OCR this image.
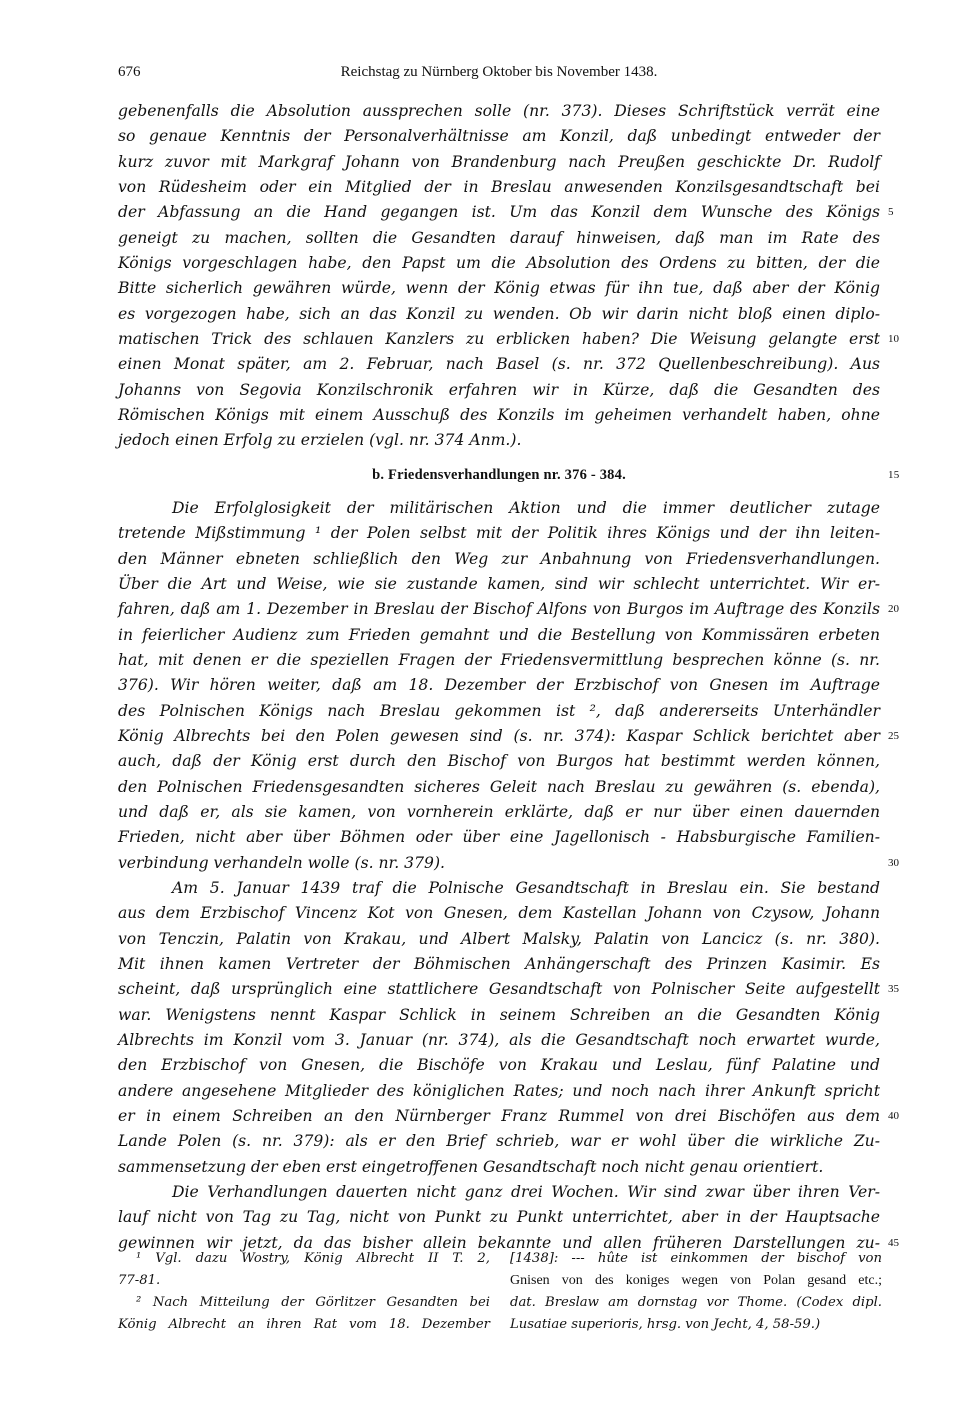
676	Reichstag zu Nürnberg Oktober bis November 1438.
gebenenfalls die Absolution aussprechen solle (nr. 373). Dieses Schriftstück verrät eine
so genaue Kenntnis der Personalverhältnisse am Konzil, daß unbedingt entweder der
kurz zuvor mit Markgraf Johann von Brandenburg nach Preußen geschickte Dr. Rudolf
von Rüdesheim oder ein Mitglied der in Breslau anwesenden Konzilsgesandtschaft bei
der Abfassung an die Hand gegangen ist. Um das Konzil dem Wunsche des Königs 5
geneigt zu machen, sollten die Gesandten darauf hinweisen, daß man im Rate des
Königs vorgeschlagen habe, den Papst um die Absolution des Ordens zu bitten, der die
Bitte sicherlich gewähren würde, wenn der König etwas für ihn tue, daß aber der König
es vorgezogen habe, sich an das Konzil zu wenden. Ob wir darin nicht bloß einen diplo-
matischen Trick des schlauen Kanzlers zu erblicken haben? Die Weisung gelangte erst 10
einen Monat später, am 2. Februar, nach Basel (s. nr. 372 Quellenbeschreibung). Aus
Johanns von Segovia Konzilschronik erfahren wir in Kürze, daß die Gesandten des
Römischen Königs mit einem Ausschuß des Konzils im geheimen verhandelt haben, ohne
jedoch einen Erfolg zu erzielen (vgl. nr. 374 Anm.).
b. Friedensverhandlungen nr. 376 - 384.	15
Die Erfolglosigkeit der militärischen Aktion und die immer deutlicher zutage
tretende Mißstimmung ¹ der Polen selbst mit der Politik ihres Königs und der ihn leiten-
den Männer ebneten schließlich den Weg zur Anbahnung von Friedensverhandlungen.
Über die Art und Weise, wie sie zustande kamen, sind wir schlecht unterrichtet. Wir er-
fahren, daß am 1. Dezember in Breslau der Bischof Alfons von Burgos im Auftrage des Konzils 20
in feierlicher Audienz zum Frieden gemahnt und die Bestellung von Kommissären erbeten
hat, mit denen er die speziellen Fragen der Friedensvermittlung besprechen könne (s. nr.
376). Wir hören weiter, daß am 18. Dezember der Erzbischof von Gnesen im Auftrage
des Polnischen Königs nach Breslau gekommen ist ², daß andererseits Unterhändler
König Albrechts bei den Polen gewesen sind (s. nr. 374): Kaspar Schlick berichtet aber 25
auch, daß der König erst durch den Bischof von Burgos hat bestimmt werden können,
den Polnischen Friedensgesandten sicheres Geleit nach Breslau zu gewähren (s. ebenda),
und daß er, als sie kamen, von vornherein erklärte, daß er nur über einen dauernden
Frieden, nicht aber über Böhmen oder über eine Jagellonisch - Habsburgische Familien-
verbindung verhandeln wolle (s. nr. 379).	30
Am 5. Januar 1439 traf die Polnische Gesandtschaft in Breslau ein. Sie bestand
aus dem Erzbischof Vincenz Kot von Gnesen, dem Kastellan Johann von Czysow, Johann
von Tenczin, Palatin von Krakau, und Albert Malsky, Palatin von Lancicz (s. nr. 380).
Mit ihnen kamen Vertreter der Böhmischen Anhängerschaft des Prinzen Kasimir. Es
scheint, daß ursprünglich eine stattlichere Gesandtschaft von Polnischer Seite aufgestellt 35
war. Wenigstens nennt Kaspar Schlick in seinem Schreiben an die Gesandten König
Albrechts im Konzil vom 3. Januar (nr. 374), als die Gesandtschaft noch erwartet wurde,
den Erzbischof von Gnesen, die Bischöfe von Krakau und Leslau, fünf Palatine und
andere angesehene Mitglieder des königlichen Rates; und noch nach ihrer Ankunft spricht
er in einem Schreiben an den Nürnberger Franz Rummel von drei Bischöfen aus dem 40
Lande Polen (s. nr. 379): als er den Brief schrieb, war er wohl über die wirkliche Zu-
sammensetzung der eben erst eingetroffenen Gesandtschaft noch nicht genau orientiert.
Die Verhandlungen dauerten nicht ganz drei Wochen. Wir sind zwar über ihren Ver-
lauf nicht von Tag zu Tag, nicht von Punkt zu Punkt unterrichtet, aber in der Hauptsache
gewinnen wir jetzt, da das bisher allein bekannte und allen früheren Darstellungen zu- 45
¹ Vgl. dazu Wostry, König Albrecht II T. 2,
77-81.
² Nach Mitteilung der Görlitzer Gesandten bei
König Albrecht an ihren Rat vom 18. Dezember
[1438]: --- hûte ist einkommen der bischof von
Gnisen von des koniges wegen von Polan gesand etc.;
dat. Breslaw am dornstag vor Thome. (Codex dipl.
Lusatiae superioris, hrsg. von Jecht, 4, 58-59.)
